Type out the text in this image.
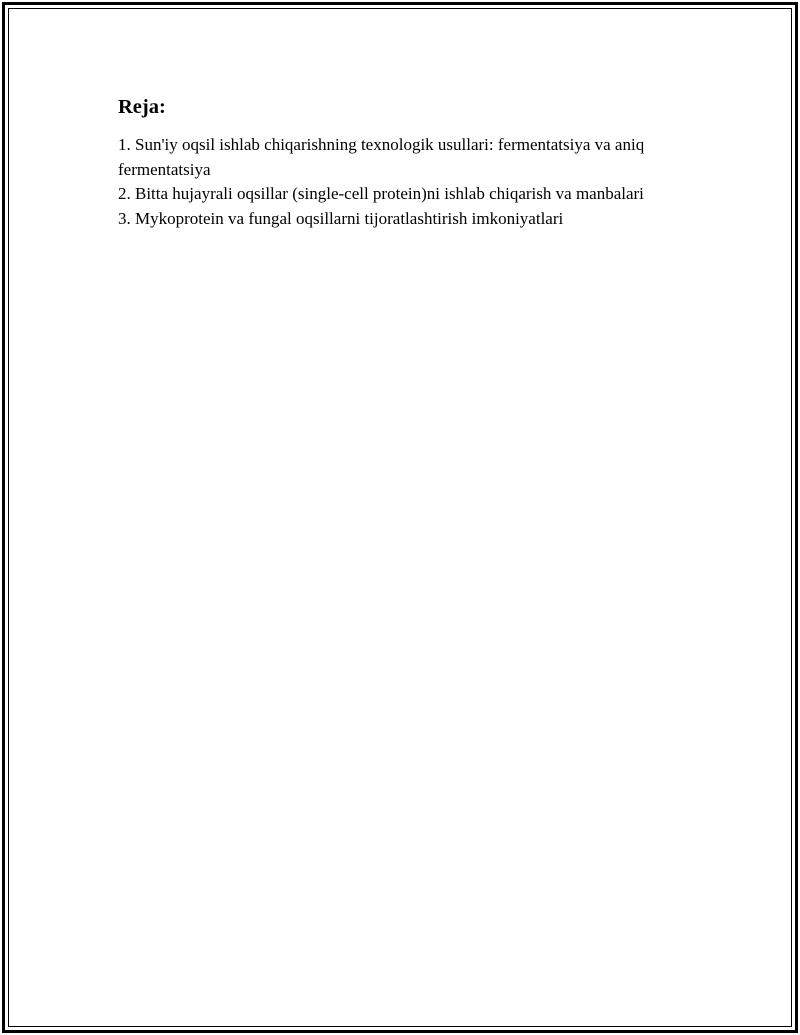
Reja:
1. Sun'iy oqsil ishlab chiqarishning texnologik usullari: fermentatsiya va aniq fermentatsiya
2. Bitta hujayrali oqsillar (single-cell protein)ni ishlab chiqarish va manbalari
3. Mykoprotein va fungal oqsillarni tijoratlashtirish imkoniyatlari
